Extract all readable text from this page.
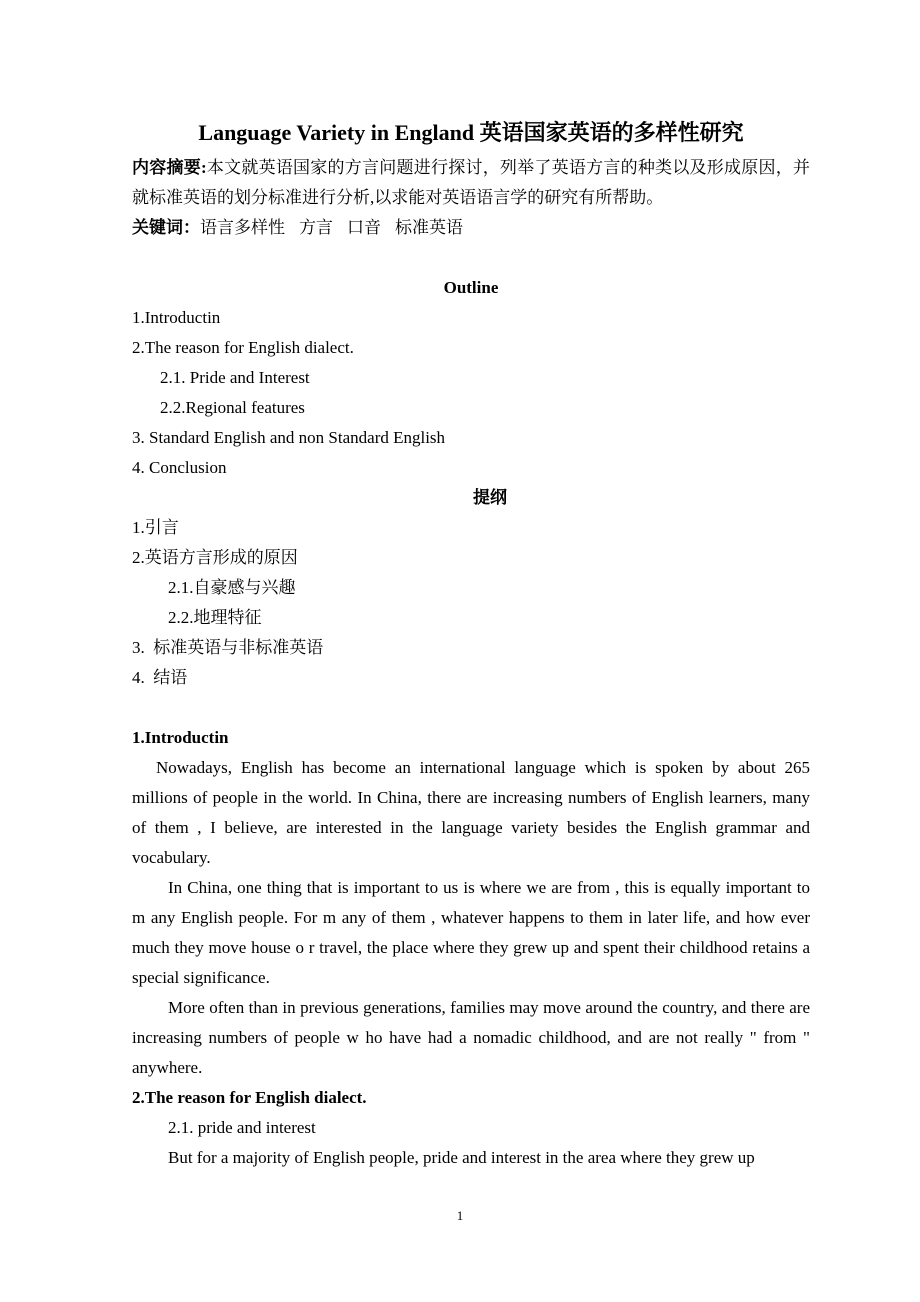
Language Variety in England 英语国家英语的多样性研究

内容摘要:本文就英语国家的方言问题进行探讨，列举了英语方言的种类以及形成原因，并就标准英语的划分标准进行分析,以求能对英语语言学的研究有所帮助。

关键词：语言多样性 方言 口音 标准英语

Outline

1.Introductin

2.The reason for English dialect.

2.1. Pride and Interest

2.2.Regional features

3. Standard English and non Standard English

4. Conclusion

提纲

1.引言

2.英语方言形成的原因

2.1.自豪感与兴趣

2.2.地理特征

3.  标准英语与非标准英语

4.  结语

1.Introductin

Nowadays, English has become an international language which is spoken by about 265 millions of people in the world. In China, there are increasing numbers of English learners, many of them , I believe, are interested in the language variety besides the English grammar and vocabulary.

In China, one thing that is important to us is where we are from , this is equally important to m any English people. For m any of them , whatever happens to them in later life, and how ever much they move house o r travel, the place where they grew up and spent their childhood retains a special significance.

More often than in previous generations, families may move around the country, and there are increasing numbers of people w ho have had a nomadic childhood, and are not really " from " anywhere.

2.The reason for English dialect.

2.1. pride and interest

But for a majority of English people, pride and interest in the area where they grew up

1
